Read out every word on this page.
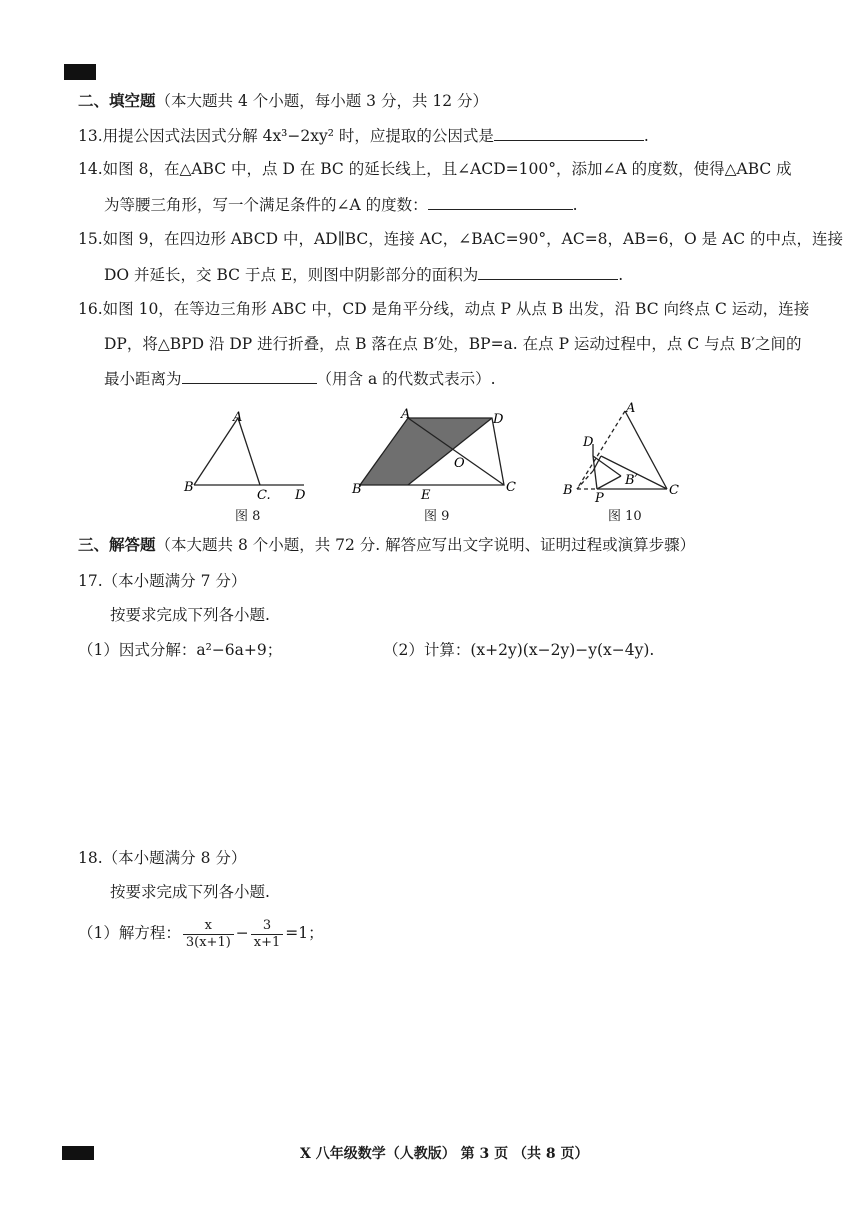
二、填空题（本大题共 4 个小题，每小题 3 分，共 12 分）
13.用提公因式法因式分解 4x³−2xy² 时，应提取的公因式是	.
14.如图 8，在△ABC 中，点 D 在 BC 的延长线上，且∠ACD=100°，添加∠A 的度数，使得△ABC 成
为等腰三角形，写一个满足条件的∠A 的度数：	.
15.如图 9，在四边形 ABCD 中，AD∥BC，连接 AC，∠BAC=90°，AC=8，AB=6，O 是 AC 的中点，连接
DO 并延长，交 BC 于点 E，则图中阴影部分的面积为	.
16.如图 10，在等边三角形 ABC 中，CD 是角平分线，动点 P 从点 B 出发，沿 BC 向终点 C 运动，连接
DP，将△BPD 沿 DP 进行折叠，点 B 落在点 B′处，BP=a. 在点 P 运动过程中，点 C 与点 B′之间的
最小距离为	（用含 a 的代数式表示）.
A
B
C. D
图 8
A	D
O
B	E
C
图 9
A
D
B′
B
P
C
图 10
三、解答题（本大题共 8 个小题，共 72 分. 解答应写出文字说明、证明过程或演算步骤）
17.（本小题满分 7 分）
按要求完成下列各小题.
（1）因式分解：a²−6a+9；	（2）计算：(x+2y)(x−2y)−y(x−4y).
18.（本小题满分 8 分）
按要求完成下列各小题.
（1）解方程： $\frac{x}{3(x+1)} - \frac{3}{x+1} =1$；
X 八年级数学（人教版） 第 3 页 （共 8 页）
